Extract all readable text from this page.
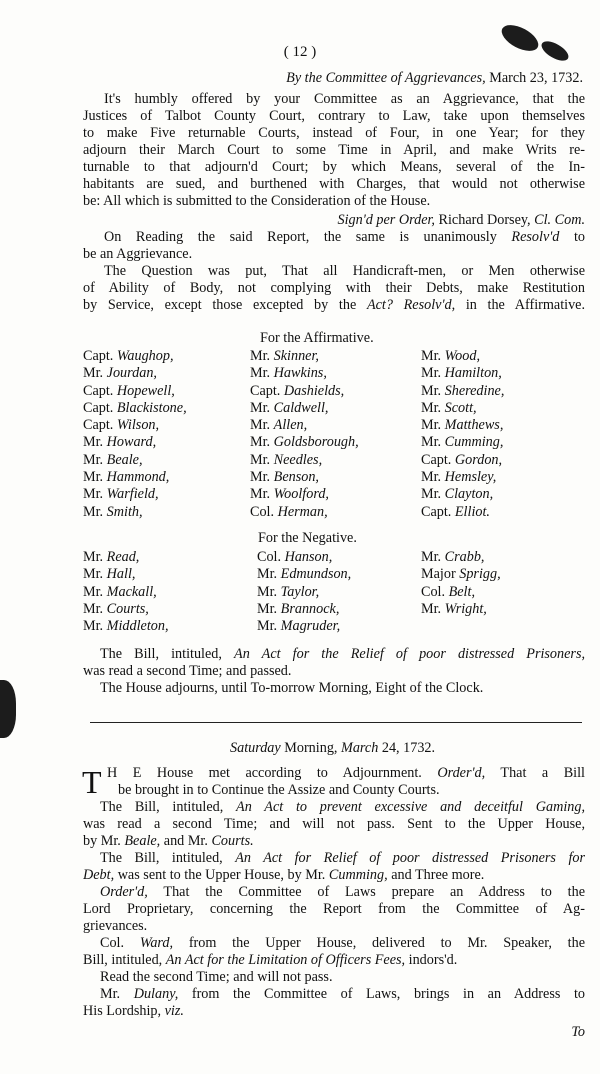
( 12 )
By the Committee of Aggrievances, March 23, 1732.
It's humbly offered by your Committee as an Aggrievance, that the
Justices of Talbot County Court, contrary to Law, take upon themselves
to make Five returnable Courts, instead of Four, in one Year; for they
adjourn their March Court to some Time in April, and make Writs re-
turnable to that adjourn'd Court; by which Means, several of the In-
habitants are sued, and burthened with Charges, that would not otherwise
be: All which is submitted to the Consideration of the House.
Sign'd per Order, Richard Dorsey, Cl. Com.
On Reading the said Report, the same is unanimously Resolv'd to
be an Aggrievance.
The Question was put, That all Handicraft-men, or Men otherwise
of Ability of Body, not complying with their Debts, make Restitution
by Service, except those excepted by the Act? Resolv'd, in the Affirmative.
For the Affirmative.
Capt. Waughop,
Mr. Jourdan,
Capt. Hopewell,
Capt. Blackistone,
Capt. Wilson,
Mr. Howard,
Mr. Beale,
Mr. Hammond,
Mr. Warfield,
Mr. Smith,
Mr. Skinner,
Mr. Hawkins,
Capt. Dashields,
Mr. Caldwell,
Mr. Allen,
Mr. Goldsborough,
Mr. Needles,
Mr. Benson,
Mr. Woolford,
Col. Herman,
Mr. Wood,
Mr. Hamilton,
Mr. Sheredine,
Mr. Scott,
Mr. Matthews,
Mr. Cumming,
Capt. Gordon,
Mr. Hemsley,
Mr. Clayton,
Capt. Elliot.
For the Negative.
Mr. Read,
Mr. Hall,
Mr. Mackall,
Mr. Courts,
Mr. Middleton,
Col. Hanson,
Mr. Edmundson,
Mr. Taylor,
Mr. Brannock,
Mr. Magruder,
Mr. Crabb,
Major Sprigg,
Col. Belt,
Mr. Wright,
The Bill, intituled, An Act for the Relief of poor distressed Prisoners,
was read a second Time; and passed.
The House adjourns, until To-morrow Morning, Eight of the Clock.
Saturday Morning, March 24, 1732.
T H E House met according to Adjournment. Order'd, That a Bill
be brought in to Continue the Assize and County Courts.
The Bill, intituled, An Act to prevent excessive and deceitful Gaming,
was read a second Time; and will not pass. Sent to the Upper House,
by Mr. Beale, and Mr. Courts.
The Bill, intituled, An Act for Relief of poor distressed Prisoners for
Debt, was sent to the Upper House, by Mr. Cumming, and Three more.
Order'd, That the Committee of Laws prepare an Address to the
Lord Proprietary, concerning the Report from the Committee of Ag-
grievances.
Col. Ward, from the Upper House, delivered to Mr. Speaker, the
Bill, intituled, An Act for the Limitation of Officers Fees, indors'd.
Read the second Time; and will not pass.
Mr. Dulany, from the Committee of Laws, brings in an Address to
His Lordship, viz.
To
